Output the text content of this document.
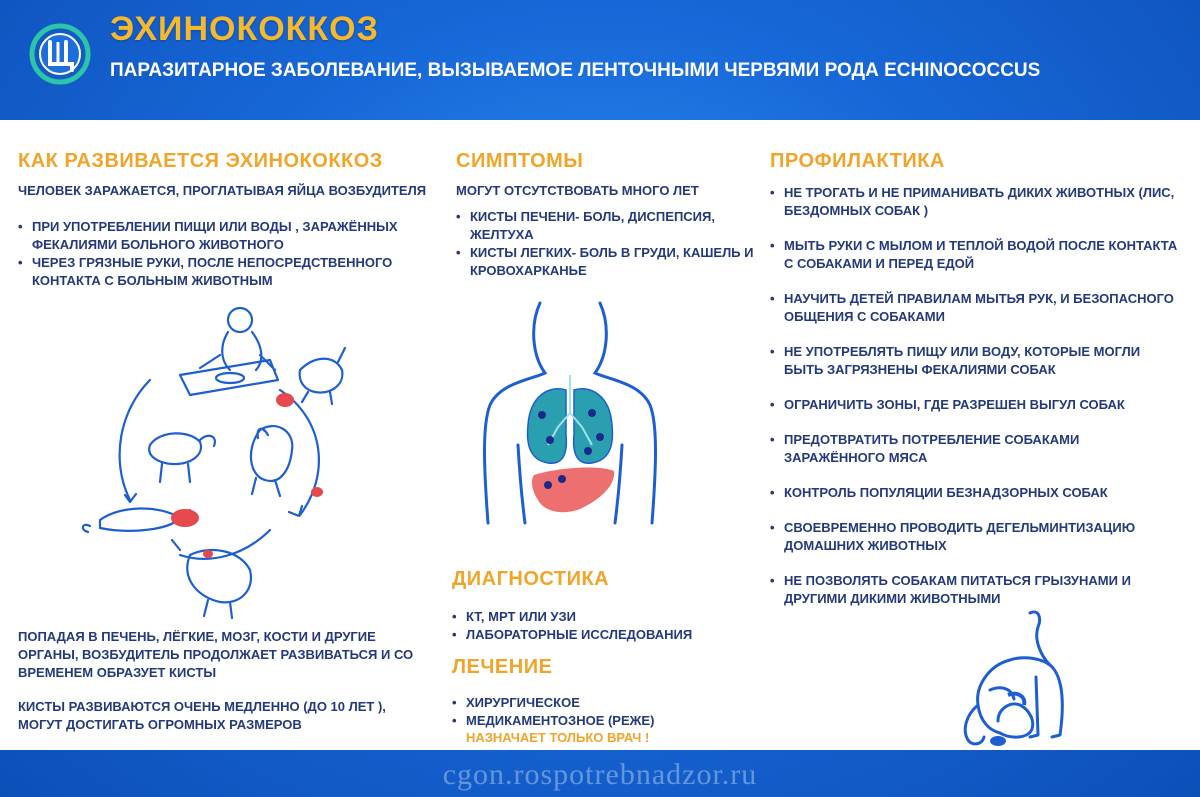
ЭХИНОКОККОЗ
ПАРАЗИТАРНОЕ ЗАБОЛЕВАНИЕ, ВЫЗЫВАЕМОЕ ЛЕНТОЧНЫМИ ЧЕРВЯМИ РОДА ECHINOCOCCUS
КАК РАЗВИВАЕТСЯ ЭХИНОКОККОЗ
ЧЕЛОВЕК ЗАРАЖАЕТСЯ, ПРОГЛАТЫВАЯ ЯЙЦА ВОЗБУДИТЕЛЯ
• ПРИ УПОТРЕБЛЕНИИ ПИЩИ ИЛИ ВОДЫ , ЗАРАЖЁННЫХ ФЕКАЛИЯМИ БОЛЬНОГО ЖИВОТНОГО
• ЧЕРЕЗ ГРЯЗНЫЕ РУКИ, ПОСЛЕ НЕПОСРЕДСТВЕННОГО КОНТАКТА С БОЛЬНЫМ ЖИВОТНЫМ
ПОПАДАЯ В ПЕЧЕНЬ, ЛЁГКИЕ, МОЗГ, КОСТИ И ДРУГИЕ ОРГАНЫ, ВОЗБУДИТЕЛЬ ПРОДОЛЖАЕТ РАЗВИВАТЬСЯ И СО ВРЕМЕНЕМ ОБРАЗУЕТ КИСТЫ
КИСТЫ РАЗВИВАЮТСЯ ОЧЕНЬ МЕДЛЕННО (ДО 10 ЛЕТ ), МОГУТ ДОСТИГАТЬ ОГРОМНЫХ РАЗМЕРОВ
СИМПТОМЫ
МОГУТ ОТСУТСТВОВАТЬ МНОГО ЛЕТ
• КИСТЫ ПЕЧЕНИ- БОЛЬ, ДИСПЕПСИЯ, ЖЕЛТУХА
• КИСТЫ ЛЕГКИХ- БОЛЬ В ГРУДИ, КАШЕЛЬ И КРОВОХАРКАНЬЕ
ДИАГНОСТИКА
• КТ, МРТ ИЛИ УЗИ
• ЛАБОРАТОРНЫЕ ИССЛЕДОВАНИЯ
ЛЕЧЕНИЕ
• ХИРУРГИЧЕСКОЕ
• МЕДИКАМЕНТОЗНОЕ (РЕЖЕ)
НАЗНАЧАЕТ ТОЛЬКО ВРАЧ !
ПРОФИЛАКТИКА
• НЕ ТРОГАТЬ И НЕ ПРИМАНИВАТЬ ДИКИХ ЖИВОТНЫХ (ЛИС, БЕЗДОМНЫХ СОБАК )
• МЫТЬ РУКИ С МЫЛОМ И ТЕПЛОЙ ВОДОЙ ПОСЛЕ КОНТАКТА С СОБАКАМИ И ПЕРЕД ЕДОЙ
• НАУЧИТЬ ДЕТЕЙ ПРАВИЛАМ МЫТЬЯ РУК, И БЕЗОПАСНОГО ОБЩЕНИЯ С СОБАКАМИ
• НЕ УПОТРЕБЛЯТЬ ПИЩУ ИЛИ ВОДУ, КОТОРЫЕ МОГЛИ БЫТЬ ЗАГРЯЗНЕНЫ ФЕКАЛИЯМИ СОБАК
• ОГРАНИЧИТЬ ЗОНЫ, ГДЕ РАЗРЕШЕН ВЫГУЛ СОБАК
• ПРЕДОТВРАТИТЬ ПОТРЕБЛЕНИЕ СОБАКАМИ ЗАРАЖЁННОГО МЯСА
• КОНТРОЛЬ ПОПУЛЯЦИИ БЕЗНАДЗОРНЫХ СОБАК
• СВОЕВРЕМЕННО ПРОВОДИТЬ ДЕГЕЛЬМИНТИЗАЦИЮ ДОМАШНИХ ЖИВОТНЫХ
• НЕ ПОЗВОЛЯТЬ СОБАКАМ ПИТАТЬСЯ ГРЫЗУНАМИ И ДРУГИМИ ДИКИМИ ЖИВОТНЫМИ
cgon.rospotrebnadzor.ru
